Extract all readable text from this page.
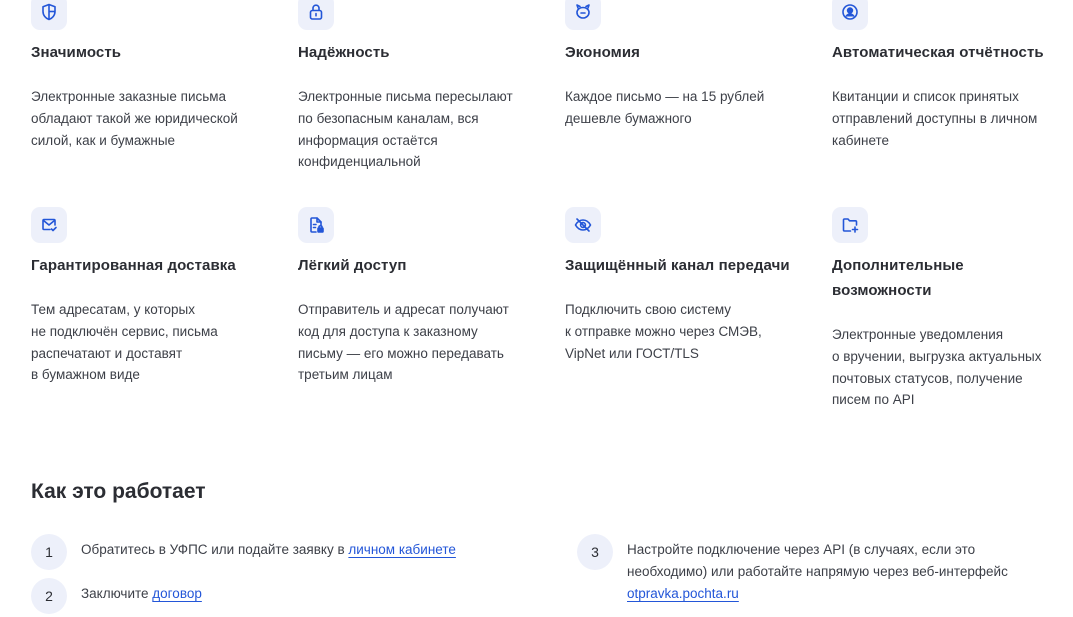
Значимость
Электронные заказные письма
обладают такой же юридической
силой, как и бумажные
Надёжность
Электронные письма пересылают
по безопасным каналам, вся
информация остаётся
конфиденциальной
Экономия
Каждое письмо — на 15 рублей
дешевле бумажного
Автоматическая отчётность
Квитанции и список принятых
отправлений доступны в личном
кабинете
Гарантированная доставка
Тем адресатам, у которых
не подключён сервис, письма
распечатают и доставят
в бумажном виде
Лёгкий доступ
Отправитель и адресат получают
код для доступа к заказному
письму — его можно передавать
третьим лицам
Защищённый канал передачи
Подключить свою систему
к отправке можно через СМЭВ,
VipNet или ГОСТ/TLS
Дополнительные
возможности
Электронные уведомления
о вручении, выгрузка актуальных
почтовых статусов, получение
писем по API
Как это работает
1	Обратитесь в УФПС или подайте заявку в личном кабинете
2	Заключите договор
3	Настройте подключение через API (в случаях, если это
необходимо) или работайте напрямую через веб-интерфейс
otpravka.pochta.ru
